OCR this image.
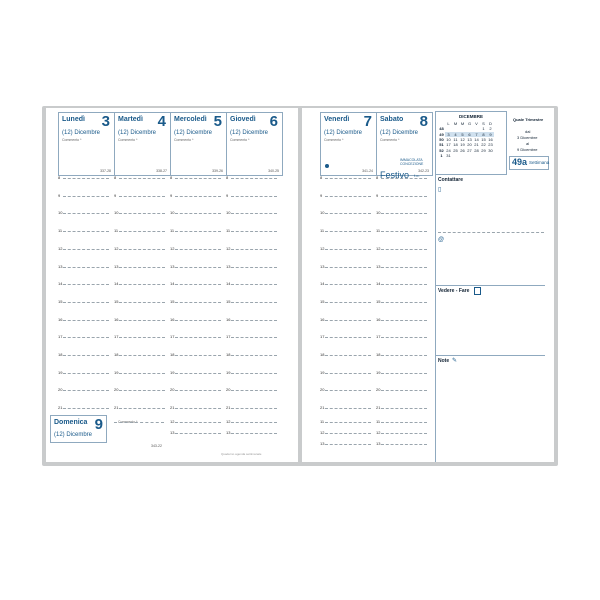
Lunedì 3
(12) Dicembre
Commento *
337-28
Martedì 4
(12) Dicembre
Commento *
338-27
Mercoledì 5
(12) Dicembre
Commento *
339-26
Giovedì 6
(12) Dicembre
Commento *
340-25
8	8	8	8
9	9	9	9
10	10	10	10
11	11	11	11
12	12	12	12
13	13	13	13
14	14	14	14
15	15	15	15
16	16	16	16
17	17	17	17
18	18	18	18
19	19	19	19
20	20	20	20
21	21	21	21
Domenica 9
(12) Dicembre
Commento *
343-22
12	12
13	13
Quaderno agenda settimanale
Venerdì 7
(12) Dicembre
Commento *
341-24
Sabato 8
(12) Dicembre
Commento *
342-23
8	8
9	9
10	10
11	11
12	12
13	13
14	14
15	15
16	16
17	17
18	18
19	19
20	20
21	21
IMMACOLATA CONCEZIONE
Festivo f.o.
DICEMBRE
	L	M	M	G	V	S	D
48						1	2
49	3	4	5	6	7	8	9
50	10	11	12	13	14	15	16
51	17	18	19	20	21	22	23
52	24	25	26	27	28	29	30
1	31						
Quale Trimestre
dal
3 Dicembre
al
9 Dicembre
49a Settimana
Contattare
▯
@
Vedere - Fare
Note ✎
11	11
12	12
13	13
